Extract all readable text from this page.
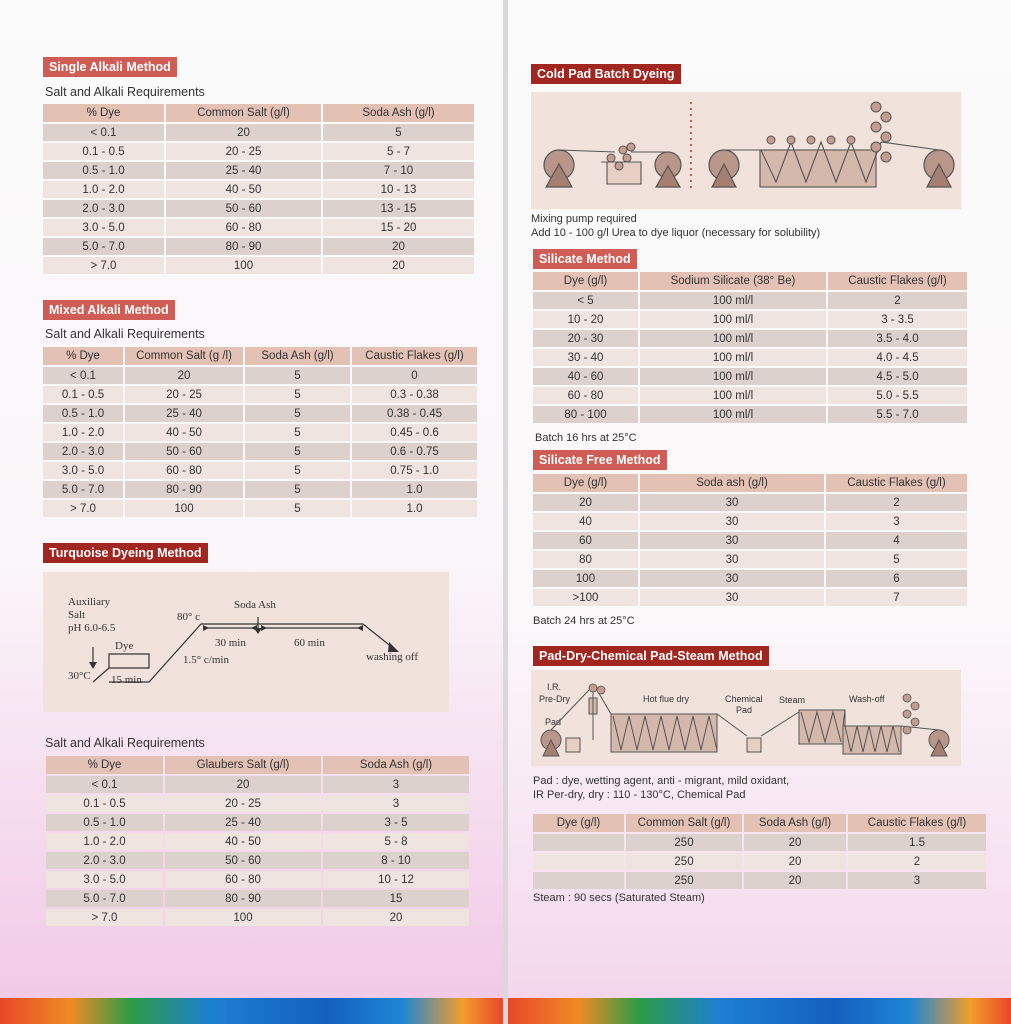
Single Alkali Method
Salt and Alkali Requirements
% Dye	Common Salt (g/l)	Soda Ash (g/l)
< 0.1	20	5
0.1 - 0.5	20 - 25	5 - 7
0.5 - 1.0	25 - 40	7 - 10
1.0 - 2.0	40 - 50	10 - 13
2.0 - 3.0	50 - 60	13 - 15
3.0 - 5.0	60 - 80	15 - 20
5.0 - 7.0	80 - 90	20
> 7.0	100	20
Mixed Alkali Method
Salt and Alkali Requirements
% Dye	Common Salt (g /l)	Soda Ash (g/l)	Caustic Flakes (g/l)
< 0.1	20	5	0
0.1 - 0.5	20 - 25	5	0.3 - 0.38
0.5 - 1.0	25 - 40	5	0.38 - 0.45
1.0 - 2.0	40 - 50	5	0.45 - 0.6
2.0 - 3.0	50 - 60	5	0.6 - 0.75
3.0 - 5.0	60 - 80	5	0.75 - 1.0
5.0 - 7.0	80 - 90	5	1.0
> 7.0	100	5	1.0
Turquoise Dyeing Method
Auxiliary
Salt
pH 6.0-6.5
30°C
Dye
15 min
80° c
1.5° c/min
Soda Ash
30 min	60 min
washing off
Salt and Alkali Requirements
% Dye	Glaubers Salt (g/l)	Soda Ash (g/l)
< 0.1	20	3
0.1 - 0.5	20 - 25	3
0.5 - 1.0	25 - 40	3 - 5
1.0 - 2.0	40 - 50	5 - 8
2.0 - 3.0	50 - 60	8 - 10
3.0 - 5.0	60 - 80	10 - 12
5.0 - 7.0	80 - 90	15
> 7.0	100	20
Cold Pad Batch Dyeing
Mixing pump required
Add 10 - 100 g/l Urea to dye liquor (necessary for solubility)
Silicate Method
Dye (g/l)	Sodium Silicate (38° Be)	Caustic Flakes (g/l)
< 5	100 ml/l	2
10 - 20	100 ml/l	3 - 3.5
20 - 30	100 ml/l	3.5 - 4.0
30 - 40	100 ml/l	4.0 - 4.5
40 - 60	100 ml/l	4.5 - 5.0
60 - 80	100 ml/l	5.0 - 5.5
80 - 100	100 ml/l	5.5 - 7.0
Batch 16 hrs at 25°C
Silicate Free Method
Dye (g/l)	Soda ash (g/l)	Caustic Flakes (g/l)
20	30	2
40	30	3
60	30	4
80	30	5
100	30	6
>100	30	7
Batch 24 hrs at 25°C
Pad-Dry-Chemical Pad-Steam Method
I.R.
Pre-Dry
Pad
Hot flue dry	Chemical
Pad
Steam	Wash-off
Pad : dye, wetting agent, anti - migrant, mild oxidant,
IR Per-dry, dry : 110 - 130°C, Chemical Pad
Dye (g/l)	Common Salt (g/l)	Soda Ash (g/l)	Caustic Flakes (g/l)
	250	20	1.5
	250	20	2
	250	20	3
Steam : 90 secs (Saturated Steam)
